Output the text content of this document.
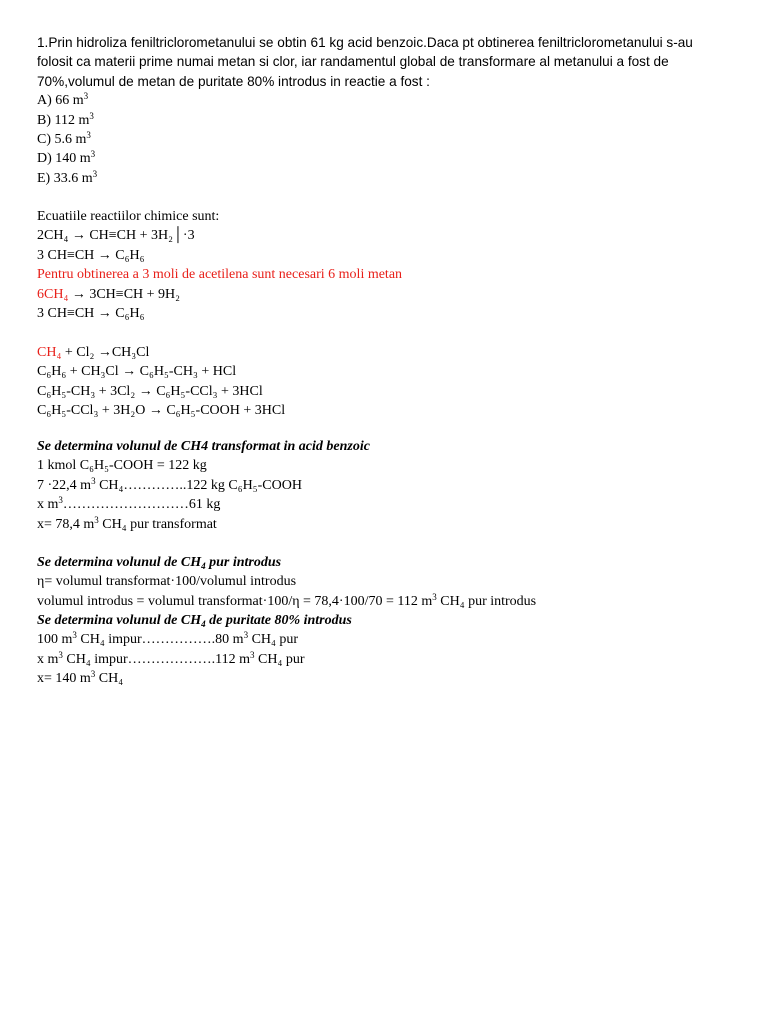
1.Prin hidroliza feniltriclorometanului se obtin 61 kg acid benzoic.Daca pt obtinerea feniltriclorometanului s-au
folosit ca materii prime numai metan si clor, iar randamentul global de transformare al metanului a fost de
70%,volumul de metan de puritate 80% introdus in reactie a fost :
A) 66 $m^3$
B) 112 $m^3$
C) 5.6 $m^3$
D) 140 $m^3$
E) 33.6 $m^3$
Ecuatiile reactiilor chimice sunt:
2CH₄ → CH≡CH + 3H₂│·3
3 CH≡CH → C₆H₆
Pentru obtinerea a 3 moli de acetilena sunt necesari 6 moli metan
6CH₄ → 3CH≡CH + 9H₂
3 CH≡CH → C₆H₆
CH₄ + Cl₂ →CH₃Cl
C₆H₆ + CH₃Cl → C₆H₅-CH₃ + HCl
C₆H₅-CH₃ + 3Cl₂ → C₆H₅-CCl₃ + 3HCl
C₆H₅-CCl₃ + 3H₂O → C₆H₅-COOH + 3HCl
Se determina volunul de CH4 transformat in acid benzoic
1 kmol C₆H₅-COOH = 122 kg
7 ·22,4 $m^3$ CH₄…………..122 kg C₆H₅-COOH
x $m^3\dots\dots\dots\dots\dots\dots\dots\dots\dots 61$ kg
x= 78,4 $m^3$ CH₄ pur transformat
Se determina volunul de $CH_4$ pur introdus
η= volumul transformat·100/volumul introdus
volumul introdus = volumul transformat·100/η = 78,4·100/70 = 112 $m^3$ CH₄ pur introdus
Se determina volunul de $CH_4$ de puritate 80% introdus
100 $m^3$ CH₄ impur…………….80 $m^3$ CH₄ pur
x $m^3$ CH₄ impur……………….112 $m^3$ CH₄ pur
x= 140 $m^3$ CH₄
